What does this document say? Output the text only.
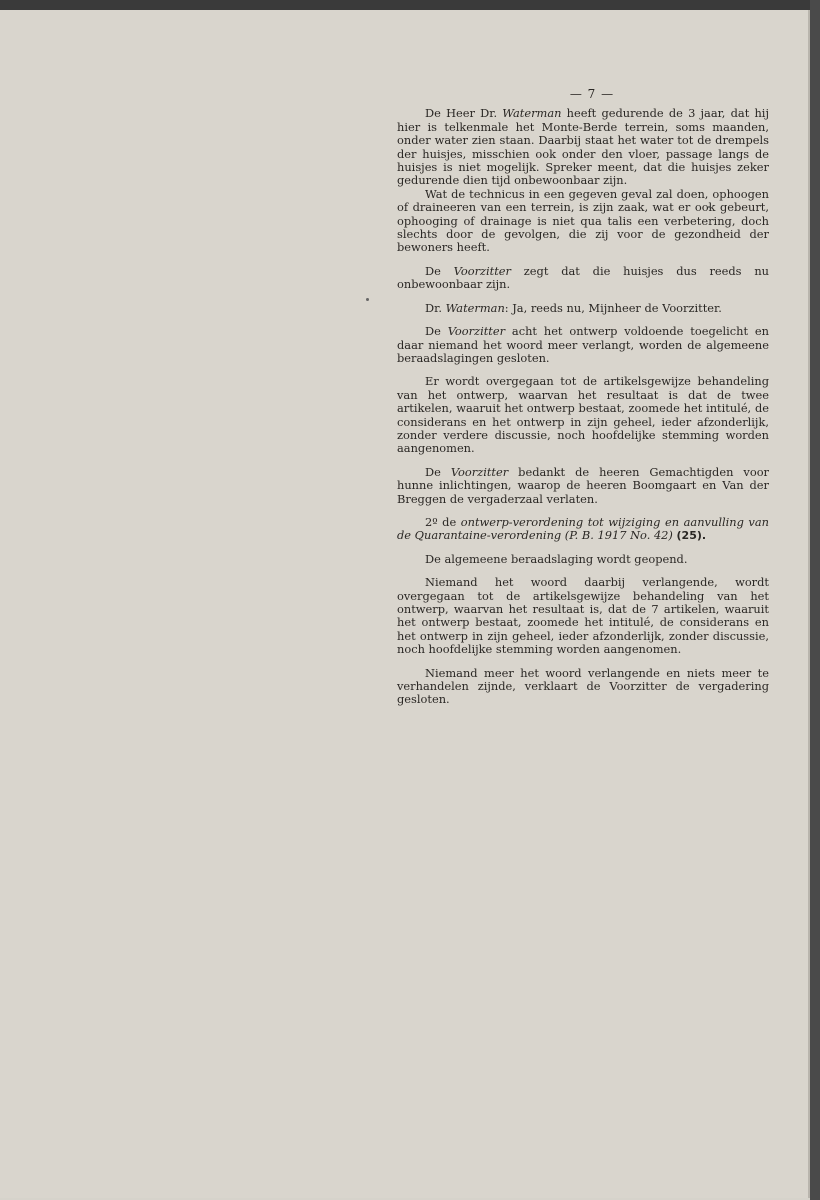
— 7 —

De Heer Dr. Waterman heeft gedurende de 3 jaar, dat hij hier is telkenmale het Monte-Berde terrein, soms maanden, onder water zien staan. Daarbij staat het water tot de drempels der huisjes, misschien ook onder den vloer, passage langs de huisjes is niet mogelijk. Spreker meent, dat die huisjes zeker gedurende dien tijd onbewoonbaar zijn.

Wat de technicus in een gegeven geval zal doen, ophoogen of draineeren van een terrein, is zijn zaak, wat er ook gebeurt, ophooging of drainage is niet qua talis een verbetering, doch slechts door de gevolgen, die zij voor de gezondheid der bewoners heeft.

De Voorzitter zegt dat die huisjes dus reeds nu onbewoonbaar zijn.

Dr. Waterman: Ja, reeds nu, Mijnheer de Voorzitter.

De Voorzitter acht het ontwerp voldoende toegelicht en daar niemand het woord meer verlangt, worden de algemeene beraadslagingen gesloten.

Er wordt overgegaan tot de artikelsgewijze behandeling van het ontwerp, waarvan het resultaat is dat de twee artikelen, waaruit het ontwerp bestaat, zoomede het intitulé, de considerans en het ontwerp in zijn geheel, ieder afzonderlijk, zonder verdere discussie, noch hoofdelijke stemming worden aangenomen.

De Voorzitter bedankt de heeren Gemachtigden voor hunne inlichtingen, waarop de heeren Boomgaart en Van der Breggen de vergaderzaal verlaten.

2º de ontwerp-verordening tot wijziging en aanvulling van de Quarantaine-verordening (P. B. 1917 No. 42) (25).

De algemeene beraadslaging wordt geopend.

Niemand het woord daarbij verlangende, wordt overgegaan tot de artikelsgewijze behandeling van het ontwerp, waarvan het resultaat is, dat de 7 artikelen, waaruit het ontwerp bestaat, zoomede het intitulé, de considerans en het ontwerp in zijn geheel, ieder afzonderlijk, zonder discussie, noch hoofdelijke stemming worden aangenomen.

Niemand meer het woord verlangende en niets meer te verhandelen zijnde, verklaart de Voorzitter de vergadering gesloten.
